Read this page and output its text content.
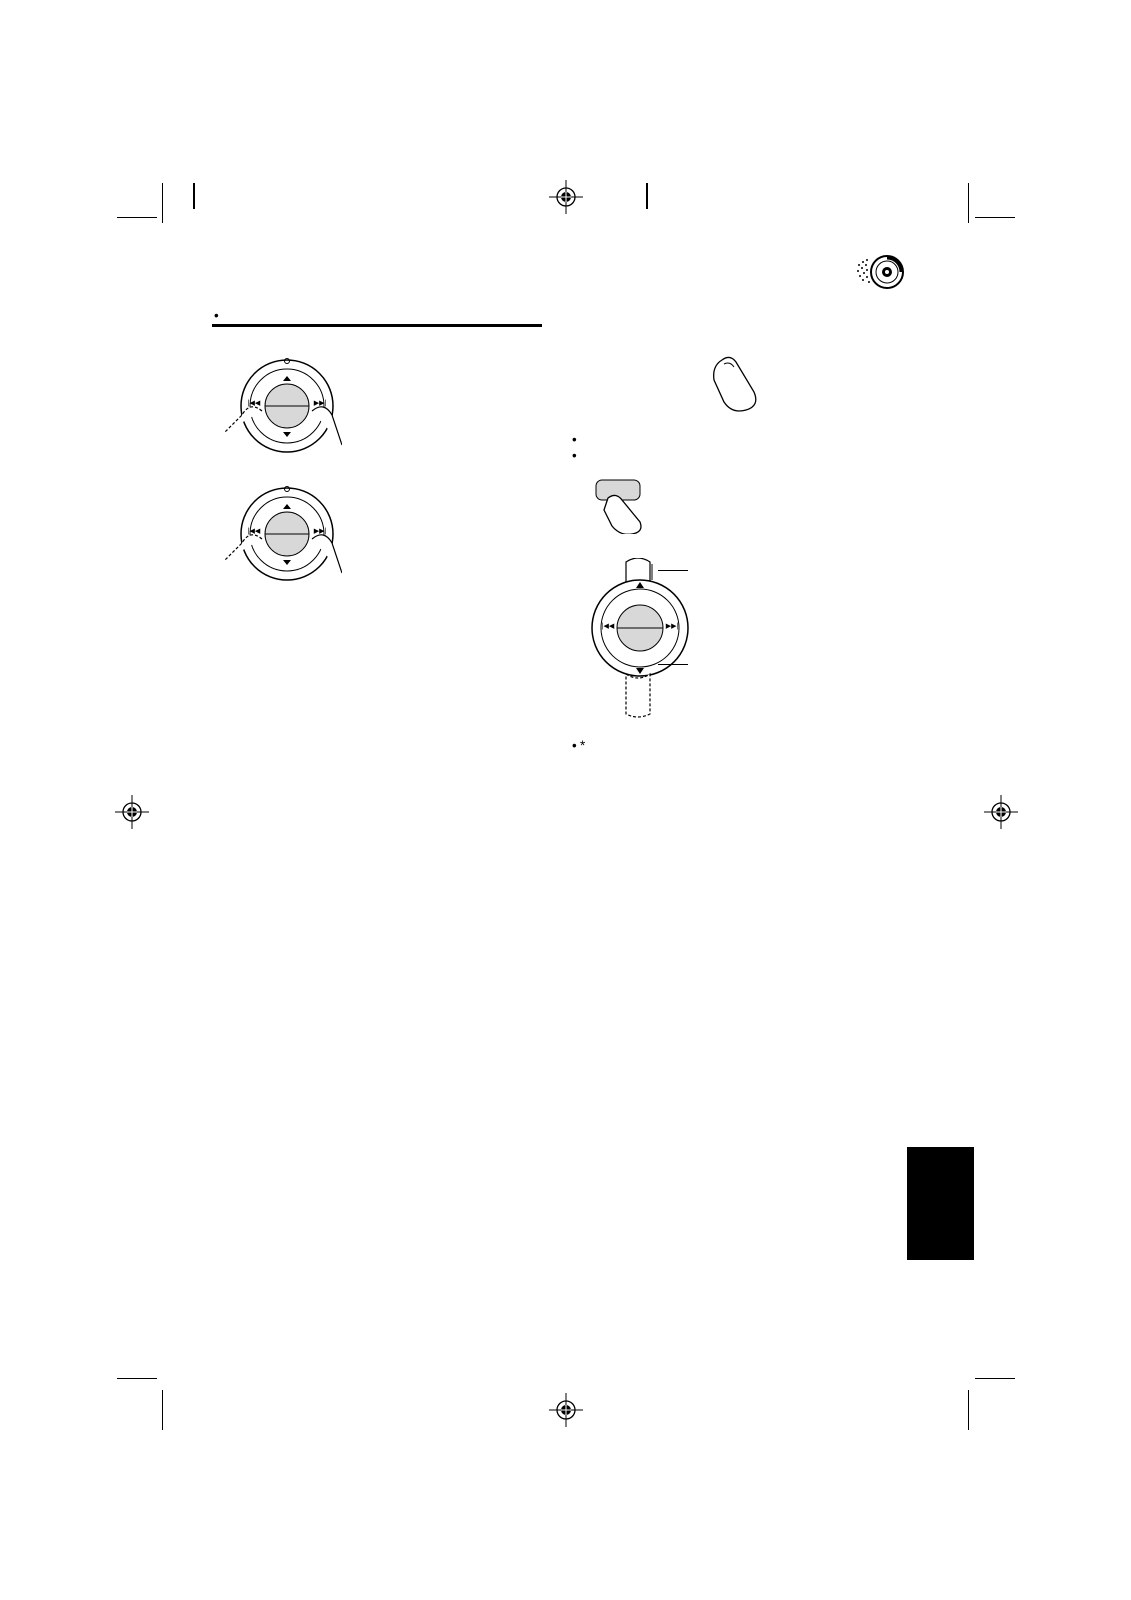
|◀◀	▶▶|
|◀◀	▶▶|
•

•

|◀◀	▶▶|
